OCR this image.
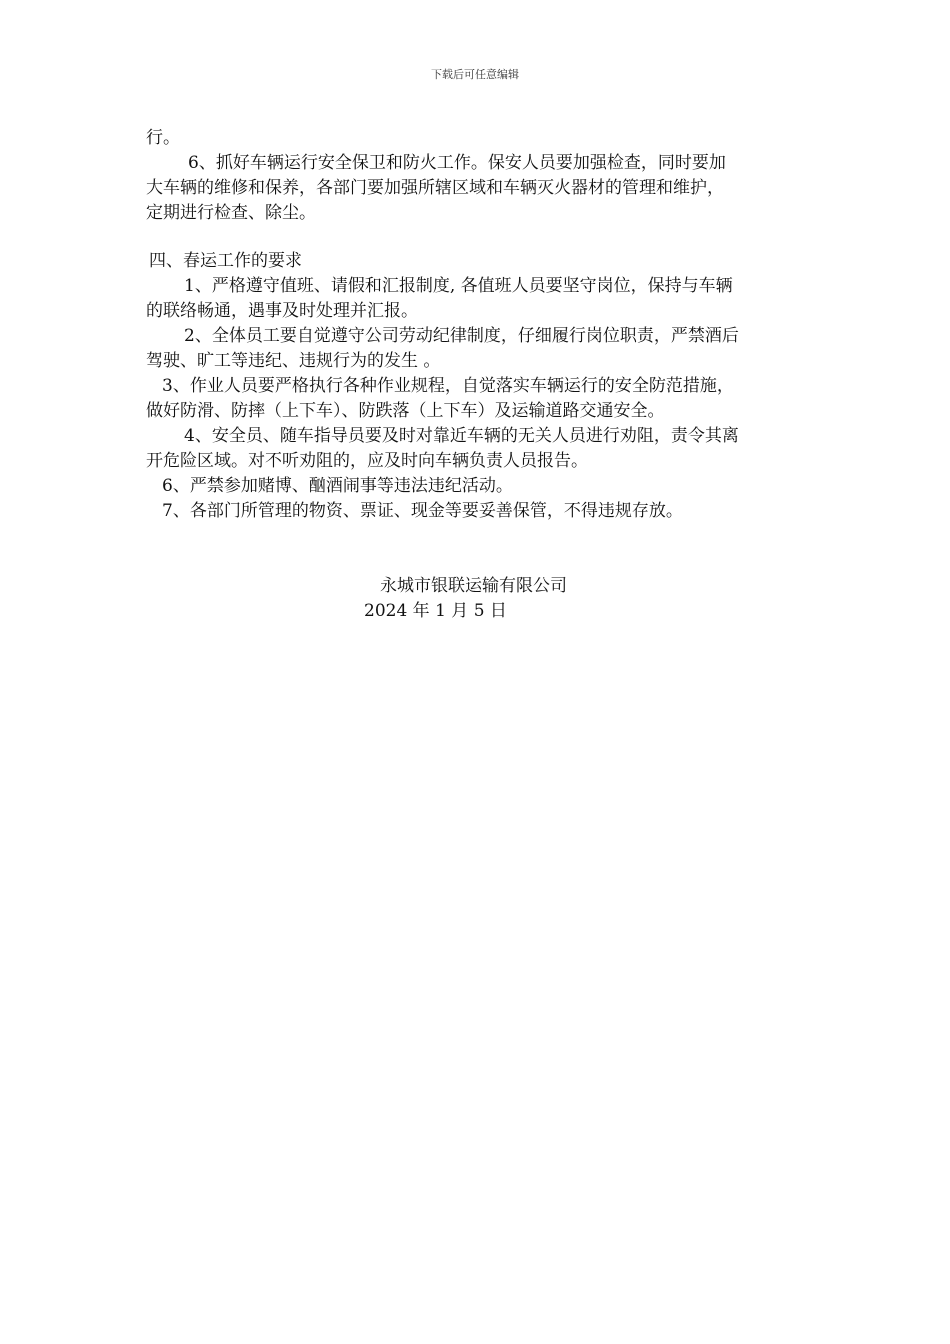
下载后可任意编辑
行。
6、抓好车辆运行安全保卫和防火工作。保安人员要加强检查，同时要加
大车辆的维修和保养，各部门要加强所辖区域和车辆灭火器材的管理和维护，
定期进行检查、除尘。
四、春运工作的要求
1、严格遵守值班、请假和汇报制度, 各值班人员要坚守岗位，保持与车辆
的联络畅通，遇事及时处理并汇报。
2、全体员工要自觉遵守公司劳动纪律制度，仔细履行岗位职责，严禁酒后
驾驶、旷工等违纪、违规行为的发生 。
3、作业人员要严格执行各种作业规程，自觉落实车辆运行的安全防范措施，
做好防滑、防摔（上下车）、防跌落（上下车）及运输道路交通安全。
4、安全员、随车指导员要及时对靠近车辆的无关人员进行劝阻，责令其离
开危险区域。对不听劝阻的，应及时向车辆负责人员报告。
6、严禁参加赌博、酗酒闹事等违法违纪活动。
7、各部门所管理的物资、票证、现金等要妥善保管，不得违规存放。
永城市银联运输有限公司
2024 年 1 月 5 日
